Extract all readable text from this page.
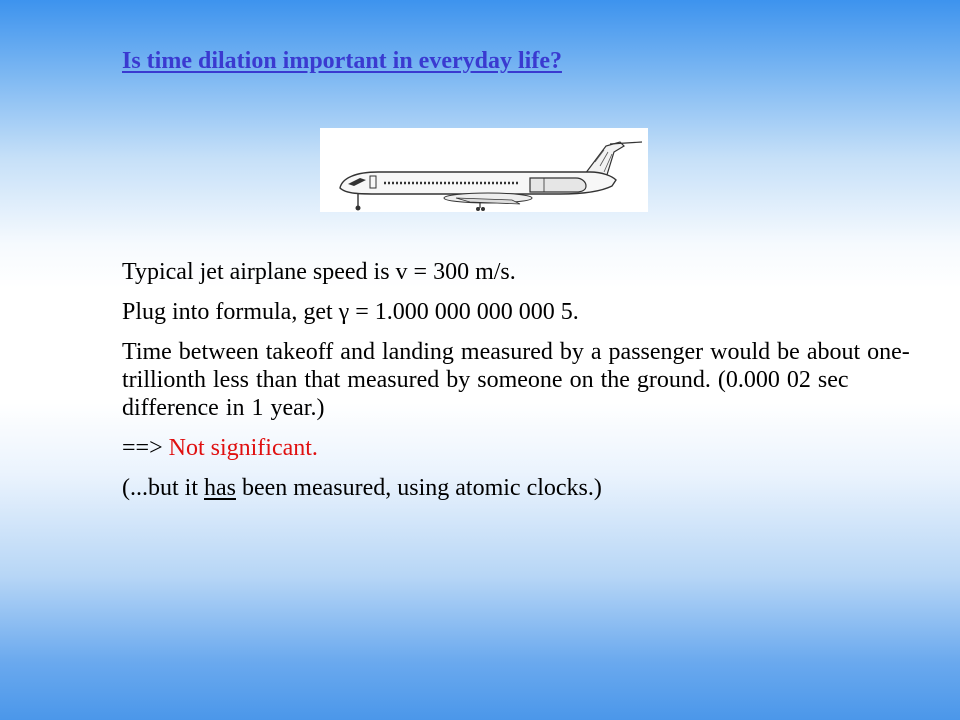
Is time dilation important in everyday life?

Typical jet airplane speed is v = 300 m/s.

Plug into formula, get γ = 1.000 000 000 000 5.

Time between takeoff and landing measured by a passenger would be about one-trillionth less than that measured by someone on the ground. (0.000 02 sec difference in 1 year.)

==> Not significant.

(...but it has been measured, using atomic clocks.)
